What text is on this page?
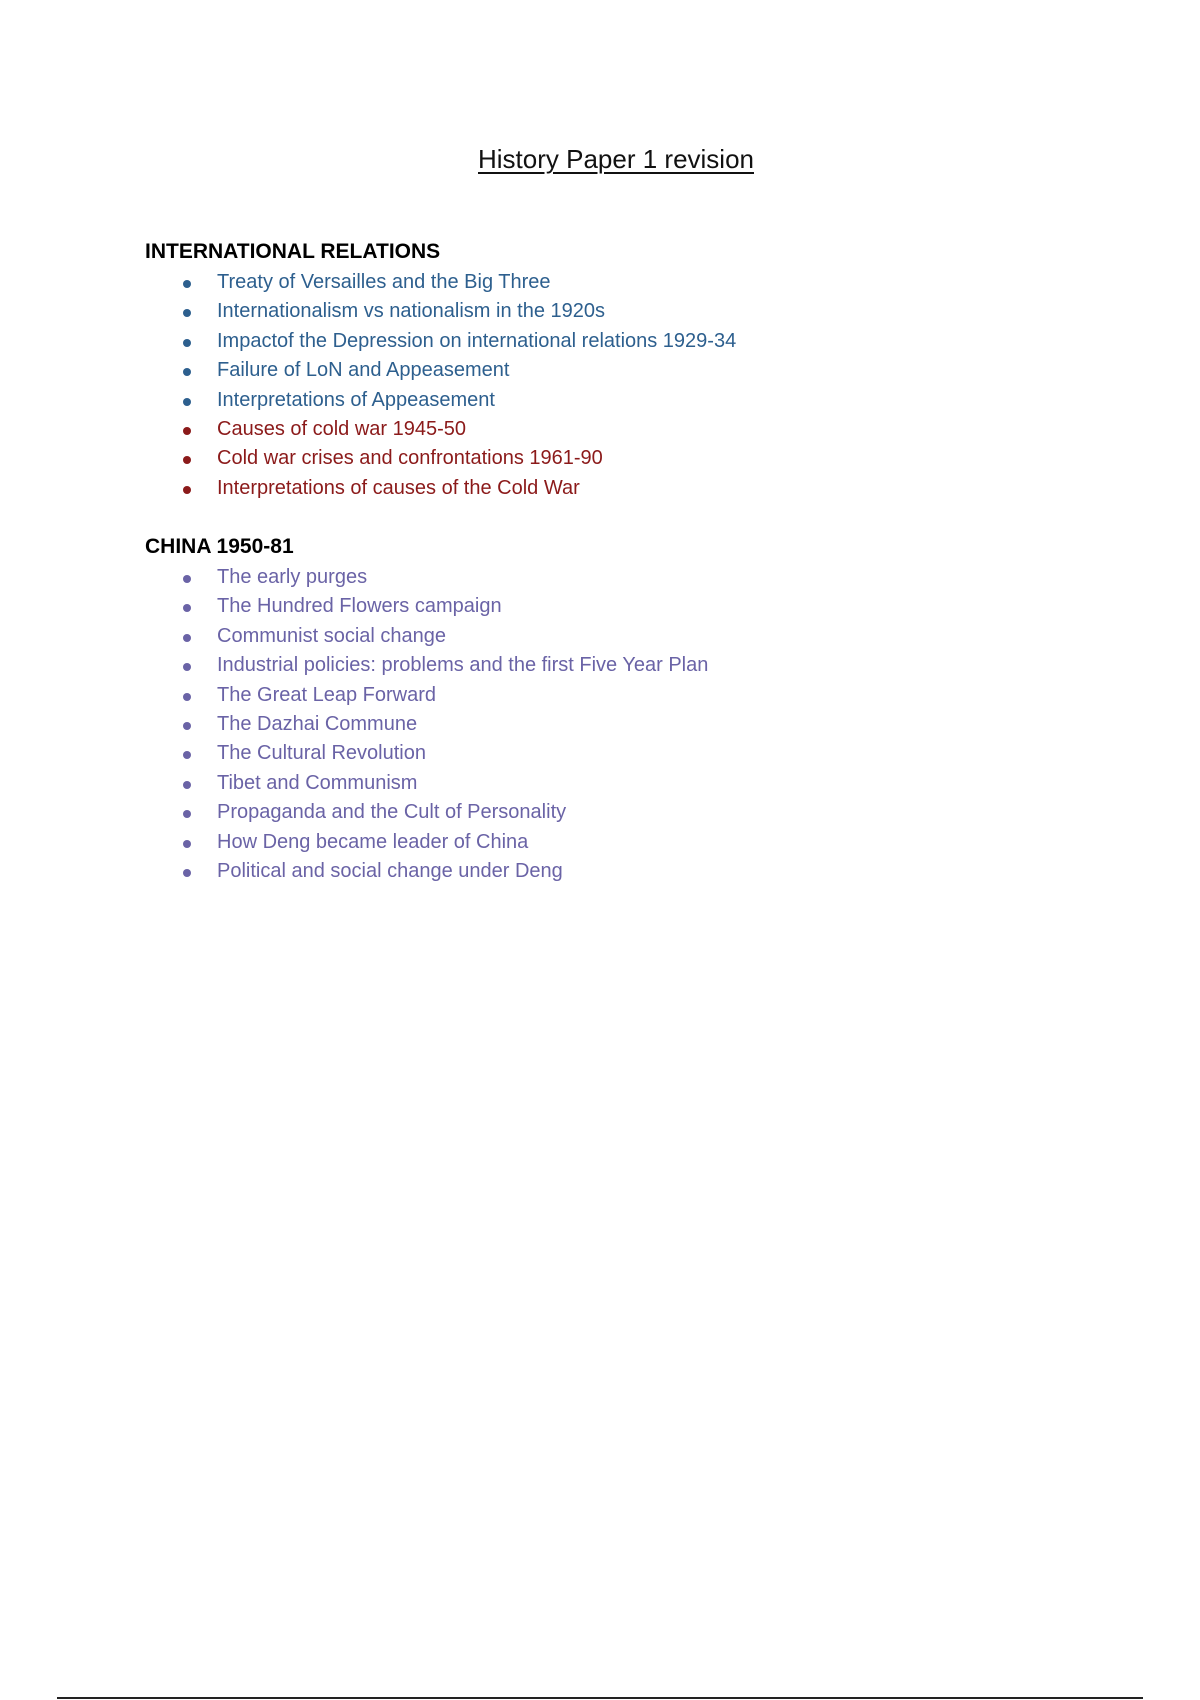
History Paper 1 revision
INTERNATIONAL RELATIONS
Treaty of Versailles and the Big Three
Internationalism vs nationalism in the 1920s
Impactof the Depression on international relations 1929-34
Failure of LoN and Appeasement
Interpretations of Appeasement
Causes of cold war 1945-50
Cold war crises and confrontations 1961-90
Interpretations of causes of the Cold War
CHINA 1950-81
The early purges
The Hundred Flowers campaign
Communist social change
Industrial policies: problems and the first Five Year Plan
The Great Leap Forward
The Dazhai Commune
The Cultural Revolution
Tibet and Communism
Propaganda and the Cult of Personality
How Deng became leader of China
Political and social change under Deng
